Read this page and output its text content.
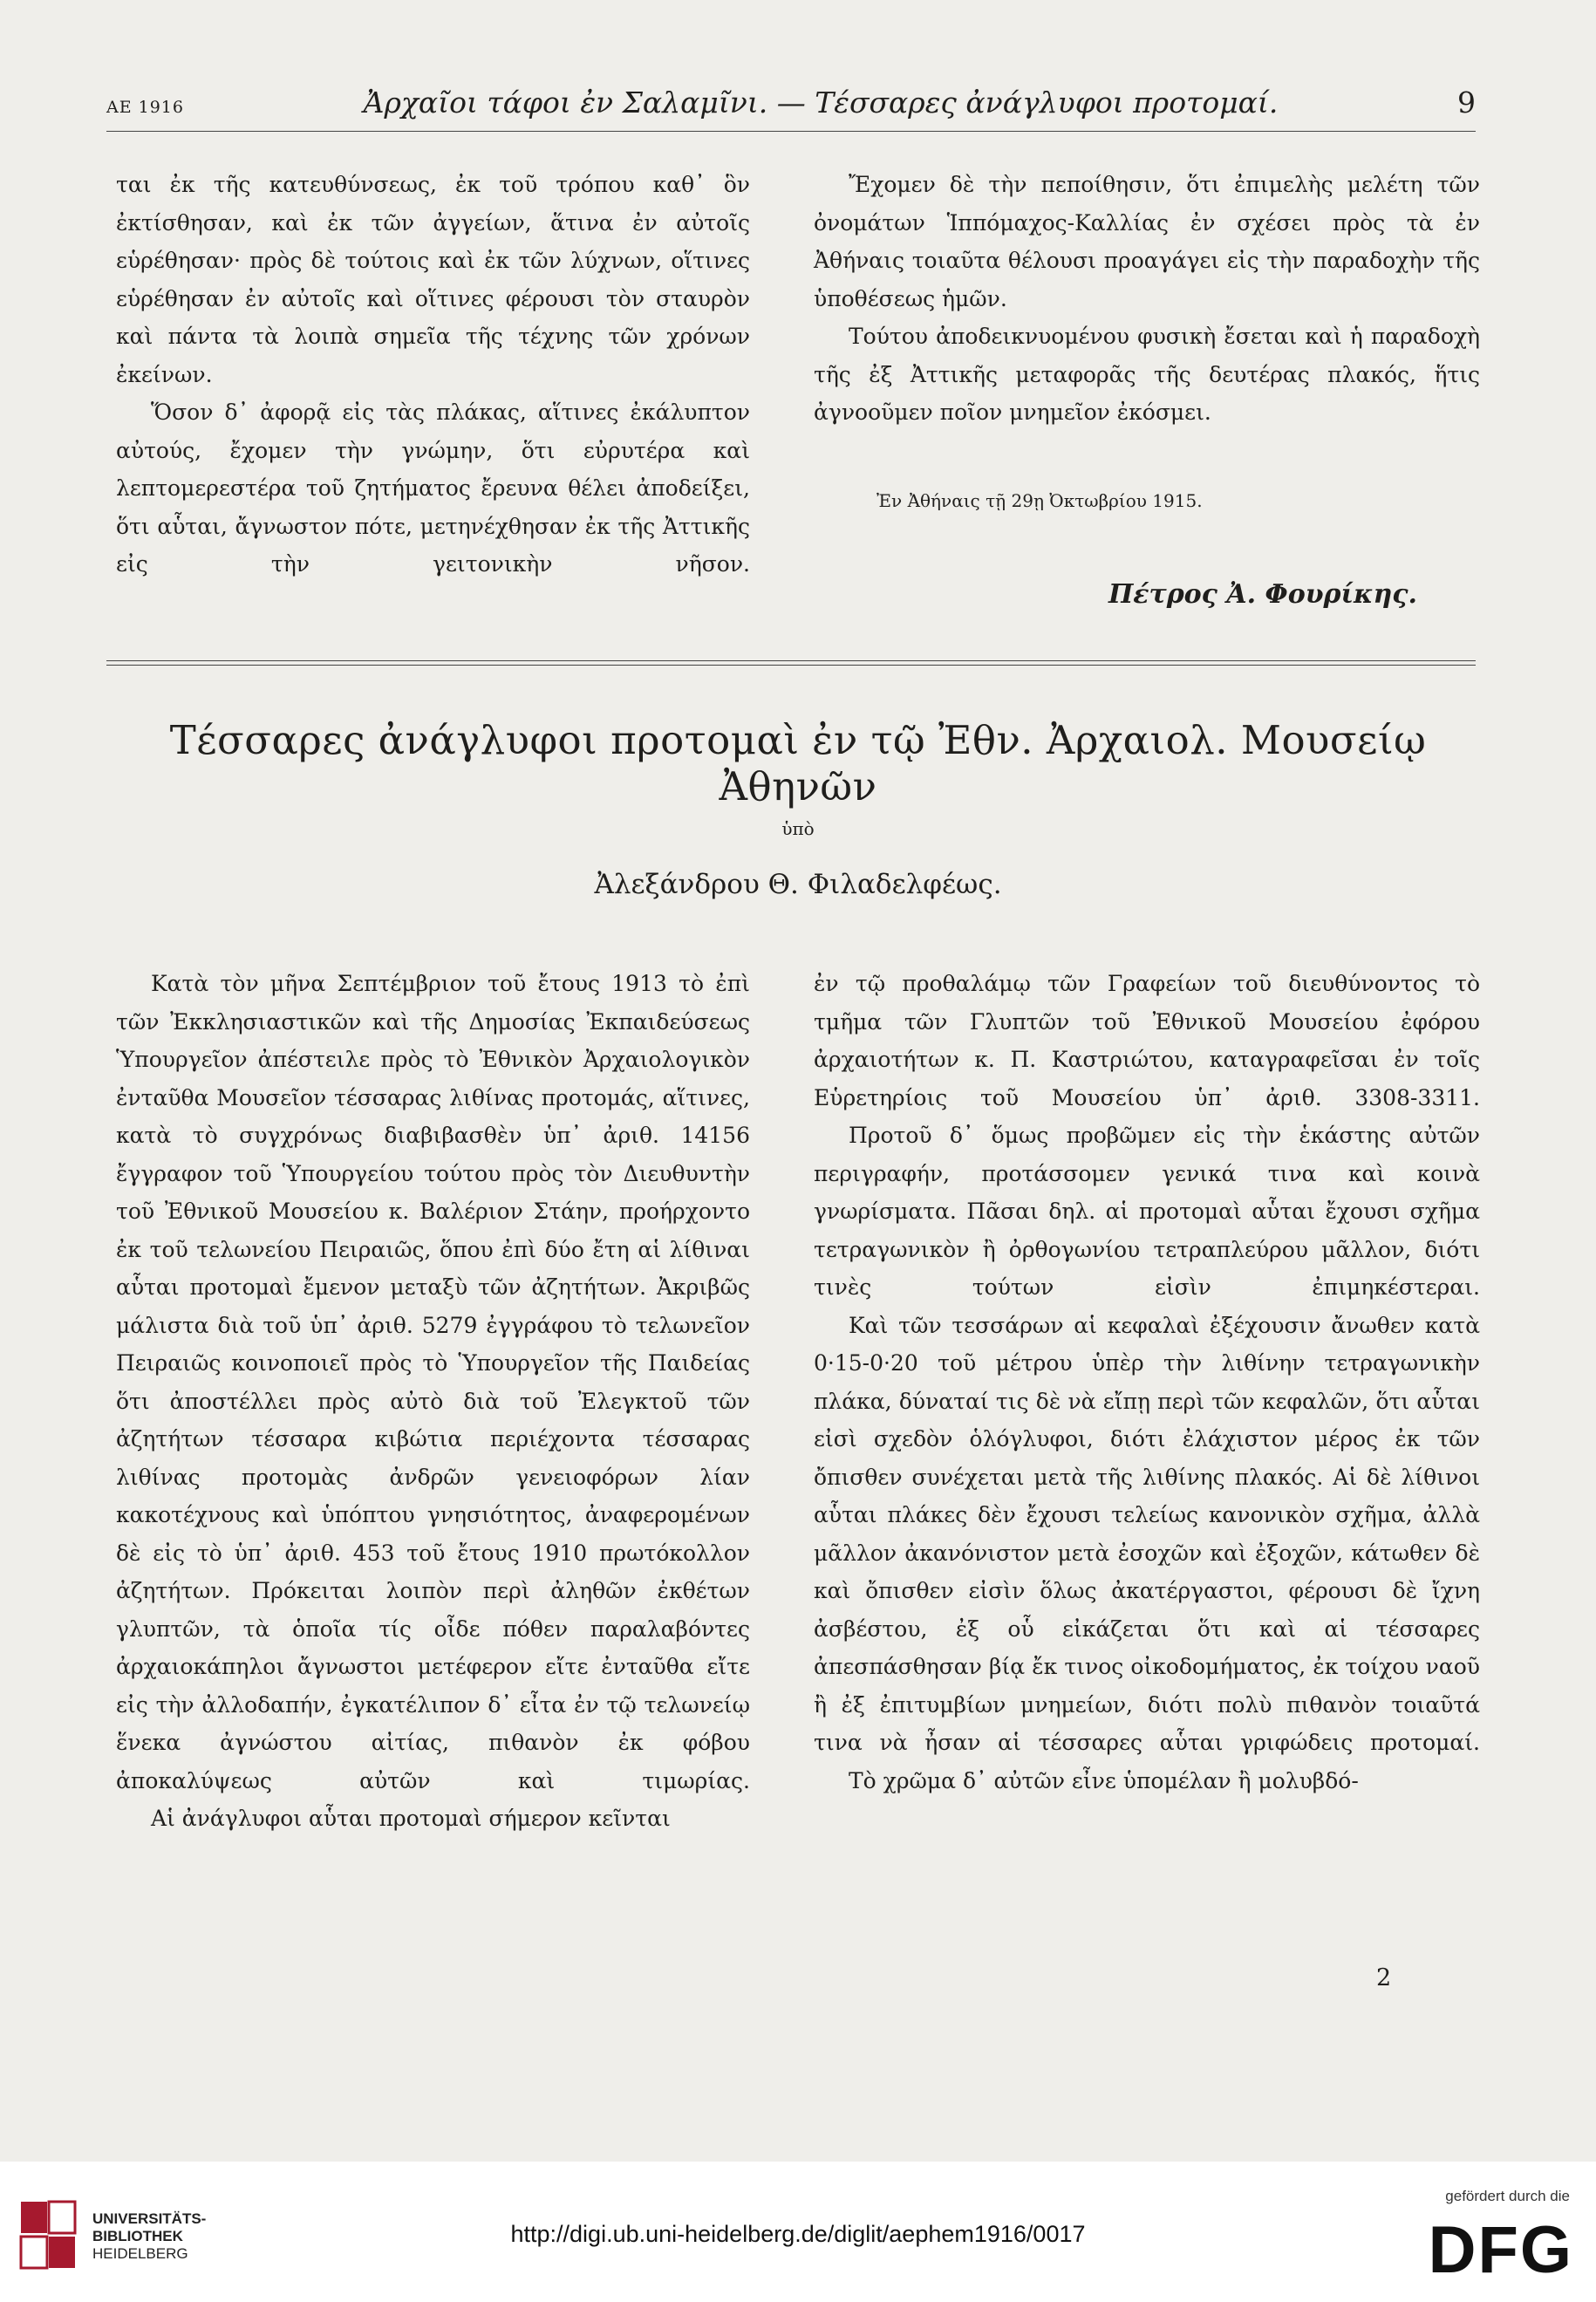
ΑΕ 1916	Ἀρχαῖοι τάφοι ἐν Σαλαμῖνι. — Τέσσαρες ἀνάγλυφοι προτομαί.	9

ται ἐκ τῆς κατευθύνσεως, ἐκ τοῦ τρόπου καθ᾽ ὃν ἐκτίσθησαν, καὶ ἐκ τῶν ἀγγείων, ἅτινα ἐν αὐτοῖς εὑρέθησαν· πρὸς δὲ τούτοις καὶ ἐκ τῶν λύχνων, οἵτινες εὑρέθησαν ἐν αὐτοῖς καὶ οἵτινες φέρουσι τὸν σταυρὸν καὶ πάντα τὰ λοιπὰ σημεῖα τῆς τέχνης τῶν χρόνων ἐκείνων.

Ὅσον δ᾽ ἀφορᾷ εἰς τὰς πλάκας, αἵτινες ἐκάλυπτον αὐτούς, ἔχομεν τὴν γνώμην, ὅτι εὐρυτέρα καὶ λεπτομερεστέρα τοῦ ζητήματος ἔρευνα θέλει ἀποδείξει, ὅτι αὗται, ἄγνωστον πότε, μετηνέχθησαν ἐκ τῆς Ἀττικῆς εἰς τὴν γειτονικὴν νῆσον.

Ἔχομεν δὲ τὴν πεποίθησιν, ὅτι ἐπιμελὴς μελέτη τῶν ὀνομάτων Ἱππόμαχος-Καλλίας ἐν σχέσει πρὸς τὰ ἐν Ἀθήναις τοιαῦτα θέλουσι προαγάγει εἰς τὴν παραδοχὴν τῆς ὑποθέσεως ἡμῶν.

Τούτου ἀποδεικνυομένου φυσικὴ ἔσεται καὶ ἡ παραδοχὴ τῆς ἐξ Ἀττικῆς μεταφορᾶς τῆς δευτέρας πλακός, ἥτις ἀγνοοῦμεν ποῖον μνημεῖον ἐκόσμει.

Ἐν Ἀθήναις τῇ 29ῃ Ὀκτωβρίου 1915.
Πέτρος Ἀ. Φουρίκης.
Τέσσαρες ἀνάγλυφοι προτομαὶ ἐν τῷ Ἐθν. Ἀρχαιολ. Μουσείῳ Ἀθηνῶν
ὑπὸ
Ἀλεξάνδρου Θ. Φιλαδελφέως.

Κατὰ τὸν μῆνα Σεπτέμβριον τοῦ ἔτους 1913 τὸ ἐπὶ τῶν Ἐκκλησιαστικῶν καὶ τῆς Δημοσίας Ἐκπαιδεύσεως Ὑπουργεῖον ἀπέστειλε πρὸς τὸ Ἐθνικὸν Ἀρχαιολογικὸν ἐνταῦθα Μουσεῖον τέσσαρας λιθίνας προτομάς, αἵτινες, κατὰ τὸ συγχρόνως διαβιβασθὲν ὑπ᾽ ἀριθ. 14156 ἔγγραφον τοῦ Ὑπουργείου τούτου πρὸς τὸν Διευθυντὴν τοῦ Ἐθνικοῦ Μουσείου κ. Βαλέριον Στάην, προήρχοντο ἐκ τοῦ τελωνείου Πειραιῶς, ὅπου ἐπὶ δύο ἔτη αἱ λίθιναι αὗται προτομαὶ ἔμενον μεταξὺ τῶν ἀζητήτων. Ἀκριβῶς μάλιστα διὰ τοῦ ὑπ᾽ ἀριθ. 5279 ἐγγράφου τὸ τελωνεῖον Πειραιῶς κοινοποιεῖ πρὸς τὸ Ὑπουργεῖον τῆς Παιδείας ὅτι ἀποστέλλει πρὸς αὐτὸ διὰ τοῦ Ἐλεγκτοῦ τῶν ἀζητήτων τέσσαρα κιβώτια περιέχοντα τέσσαρας λιθίνας προτομὰς ἀνδρῶν γενειοφόρων λίαν κακοτέχνους καὶ ὑπόπτου γνησιότητος, ἀναφερομένων δὲ εἰς τὸ ὑπ᾽ ἀριθ. 453 τοῦ ἔτους 1910 πρωτόκολλον ἀζητήτων. Πρόκειται λοιπὸν περὶ ἀληθῶν ἐκθέτων γλυπτῶν, τὰ ὁποῖα τίς οἶδε πόθεν παραλαβόντες ἀρχαιοκάπηλοι ἄγνωστοι μετέφερον εἴτε ἐνταῦθα εἴτε εἰς τὴν ἀλλοδαπήν, ἐγκατέλιπον δ᾽ εἶτα ἐν τῷ τελωνείῳ ἕνεκα ἀγνώστου αἰτίας, πιθανὸν ἐκ φόβου ἀποκαλύψεως αὐτῶν καὶ τιμωρίας.

Αἱ ἀνάγλυφοι αὗται προτομαὶ σήμερον κεῖνται

ἐν τῷ προθαλάμῳ τῶν Γραφείων τοῦ διευθύνοντος τὸ τμῆμα τῶν Γλυπτῶν τοῦ Ἐθνικοῦ Μουσείου ἐφόρου ἀρχαιοτήτων κ. Π. Καστριώτου, καταγραφεῖσαι ἐν τοῖς Εὑρετηρίοις τοῦ Μουσείου ὑπ᾽ ἀριθ. 3308-3311.

Προτοῦ δ᾽ ὅμως προβῶμεν εἰς τὴν ἑκάστης αὐτῶν περιγραφήν, προτάσσομεν γενικά τινα καὶ κοινὰ γνωρίσματα. Πᾶσαι δηλ. αἱ προτομαὶ αὗται ἔχουσι σχῆμα τετραγωνικὸν ἢ ὀρθογωνίου τετραπλεύρου μᾶλλον, διότι τινὲς τούτων εἰσὶν ἐπιμηκέστεραι.

Καὶ τῶν τεσσάρων αἱ κεφαλαὶ ἐξέχουσιν ἄνωθεν κατὰ 0·15-0·20 τοῦ μέτρου ὑπὲρ τὴν λιθίνην τετραγωνικὴν πλάκα, δύναταί τις δὲ νὰ εἴπῃ περὶ τῶν κεφαλῶν, ὅτι αὗται εἰσὶ σχεδὸν ὁλόγλυφοι, διότι ἐλάχιστον μέρος ἐκ τῶν ὄπισθεν συνέχεται μετὰ τῆς λιθίνης πλακός. Αἱ δὲ λίθινοι αὗται πλάκες δὲν ἔχουσι τελείως κανονικὸν σχῆμα, ἀλλὰ μᾶλλον ἀκανόνιστον μετὰ ἐσοχῶν καὶ ἐξοχῶν, κάτωθεν δὲ καὶ ὄπισθεν εἰσὶν ὅλως ἀκατέργαστοι, φέρουσι δὲ ἴχνη ἀσβέστου, ἐξ οὗ εἰκάζεται ὅτι καὶ αἱ τέσσαρες ἀπεσπάσθησαν βίᾳ ἔκ τινος οἰκοδομήματος, ἐκ τοίχου ναοῦ ἢ ἐξ ἐπιτυμβίων μνημείων, διότι πολὺ πιθανὸν τοιαῦτά τινα νὰ ἦσαν αἱ τέσσαρες αὗται γριφώδεις προτομαί.

Τὸ χρῶμα δ᾽ αὐτῶν εἶνε ὑπομέλαν ἢ μολυβδό-

2
UNIVERSITÄTS-
BIBLIOTHEK
HEIDELBERG
http://digi.ub.uni-heidelberg.de/diglit/aephem1916/0017
gefördert durch die
DFG
